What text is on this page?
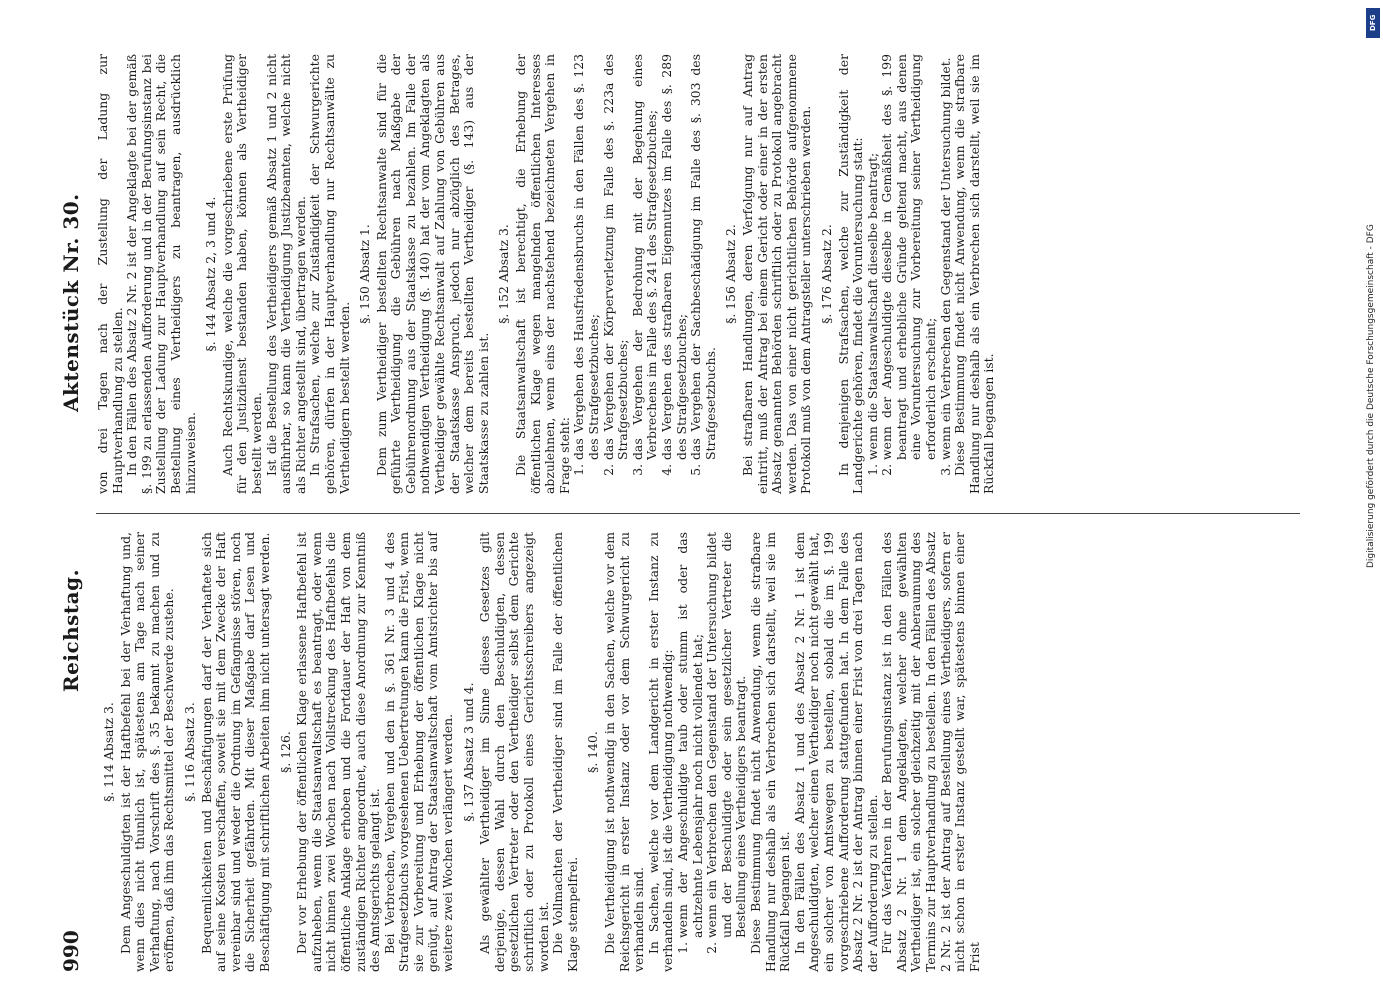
990
Reichstag.
Aktenstück Nr. 30.
§. 114 Absatz 3. Dem Angeschuldigten ist der Haftbefehl bei der Verhaftung und, wenn dies nicht thunlich ist, spätestens am Tage nach seiner Verhaftung, nach Vorschrift des §. 35 bekannt zu machen und zu eröffnen, daß ihm das Rechtsmittel der Beschwerde zustehe. §. 116 Absatz 3. Bequemlichkeiten und Beschäftigungen darf der Verhaftete sich auf seine Kosten verschaffen, soweit sie mit dem Zwecke der Haft vereinbar sind und weder die Ordnung im Gefängnisse stören, noch die Sicherheit gefährden. Mit dieser Maßgabe darf Lesen und Beschäftigung mit schriftlichen Arbeiten ihm nicht untersagt werden. §. 126. Der vor Erhebung der öffentlichen Klage erlassene Haftbefehl ist aufzuheben, wenn die Staatsanwaltschaft es beantragt, oder wenn nicht binnen zwei Wochen nach Vollstreckung des Haftbefehls die öffentliche Anklage erhoben und die Fortdauer der Haft von dem zuständigen Richter angeordnet, auch diese Anordnung zur Kenntniß des Amtsgerichts gelangt ist. Bei Verbrechen, Vergehen und den in §. 361 Nr. 3 und 4 des Strafgesetzbuchs vorgesehenen Uebertretungen kann die Frist, wenn sie zur Vorbereitung und Erhebung der öffentlichen Klage nicht genügt, auf Antrag der Staatsanwaltschaft vom Amtsrichter bis auf weitere zwei Wochen verlängert werden. §. 137 Absatz 3 und 4. Als gewählter Vertheidiger im Sinne dieses Gesetzes gilt derjenige, dessen Wahl durch den Beschuldigten, dessen gesetzlichen Vertreter oder den Vertheidiger selbst dem Gerichte schriftlich oder zu Protokoll eines Gerichtsschreibers angezeigt worden ist. Die Vollmachten der Vertheidiger sind im Falle der öffentlichen Klage stempelfrei.

§. 140. Die Vertheidigung ist nothwendig in den Sachen, welche vor dem Reichsgericht in erster Instanz oder vor dem Schwurgericht zu verhandeln sind. In Sachen, welche vor dem Landgericht in erster Instanz zu verhandeln sind, ist die Vertheidigung nothwendig: 1. wenn der Angeschuldigte taub oder stumm ist oder das achtzehnte Lebensjahr noch nicht vollendet hat; 2. wenn ein Verbrechen den Gegenstand der Untersuchung bildet und der Beschuldigte oder sein gesetzlicher Vertreter die Bestellung eines Vertheidigers beantragt. Diese Bestimmung findet nicht Anwendung, wenn die strafbare Handlung nur deshalb als ein Verbrechen sich darstellt, weil sie im Rückfall begangen ist. In den Fällen des Absatz 1 und des Absatz 2 Nr. 1 ist dem Angeschuldigten, welcher einen Vertheidiger noch nicht gewählt hat, ein solcher von Amtswegen zu bestellen, sobald die im §. 199 vorgeschriebene Aufforderung stattgefunden hat. In dem Falle des Absatz 2 Nr. 2 ist der Antrag binnen einer Frist von drei Tagen nach der Aufforderung zu stellen. Für das Verfahren in der Berufungsinstanz ist in den Fällen des Absatz 2 Nr. 1 dem Angeklagten, welcher ohne gewählten Vertheidiger ist, ein solcher gleichzeitig mit der Anberaumung des Termins zur Hauptverhandlung zu bestellen. In den Fällen des Absatz 2 Nr. 2 ist der Antrag auf Bestellung eines Vertheidigers, sofern er nicht schon in erster Instanz gestellt war, spätestens binnen einer Frist

von drei Tagen nach der Zustellung der Ladung zur Hauptverhandlung zu stellen. In den Fällen des Absatz 2 Nr. 2 ist der Angeklagte bei der gemäß §. 199 zu erlassenden Aufforderung und in der Berufungsinstanz bei Zustellung der Ladung zur Hauptverhandlung auf sein Recht, die Bestellung eines Vertheidigers zu beantragen, ausdrücklich hinzuweisen.

§. 144 Absatz 2, 3 und 4. Auch Rechtskundige, welche die vorgeschriebene erste Prüfung für den Justizdienst bestanden haben, können als Vertheidiger bestellt werden. Ist die Bestellung des Vertheidigers gemäß Absatz 1 und 2 nicht ausführbar, so kann die Vertheidigung Justizbeamten, welche nicht als Richter angestellt sind, übertragen werden. In Strafsachen, welche zur Zuständigkeit der Schwurgerichte gehören, dürfen in der Hauptverhandlung nur Rechtsanwälte zu Vertheidigern bestellt werden.

§. 150 Absatz 1. Dem zum Vertheidiger bestellten Rechtsanwalte sind für die geführte Vertheidigung die Gebühren nach Maßgabe der Gebührenordnung aus der Staatskasse zu bezahlen. Im Falle der nothwendigen Vertheidigung (§. 140) hat der vom Angeklagten als Vertheidiger gewählte Rechtsanwalt auf Zahlung von Gebühren aus der Staatskasse Anspruch, jedoch nur abzüglich des Betrages, welcher dem bereits bestellten Vertheidiger (§. 143) aus der Staatskasse zu zahlen ist.

§. 152 Absatz 3. Die Staatsanwaltschaft ist berechtigt, die Erhebung der öffentlichen Klage wegen mangelnden öffentlichen Interesses abzulehnen, wenn eins der nachstehend bezeichneten Vergehen in Frage steht: 1. das Vergehen des Hausfriedensbruchs in den Fällen des §. 123 des Strafgesetzbuches; 2. das Vergehen der Körperverletzung im Falle des §. 223a des Strafgesetzbuches; 3. das Vergehen der Bedrohung mit der Begehung eines Verbrechens im Falle des §. 241 des Strafgesetzbuches; 4. das Vergehen des strafbaren Eigennutzes im Falle des §. 289 des Strafgesetzbuches; 5. das Vergehen der Sachbeschädigung im Falle des §. 303 des Strafgesetzbuchs.
§. 156 Absatz 2. Bei strafbaren Handlungen, deren Verfolgung nur auf Antrag eintritt, muß der Antrag bei einem Gericht oder einer in der ersten Absatz genannten Behörden schriftlich oder zu Protokoll angebracht werden. Das von einer nicht gerichtlichen Behörde aufgenommene Protokoll muß von dem Antragsteller unterschrieben werden. §. 176 Absatz 2. In denjenigen Strafsachen, welche zur Zuständigkeit der Landgerichte gehören, findet die Voruntersuchung statt: 1. wenn die Staatsanwaltschaft dieselbe beantragt; 2. wenn der Angeschuldigte dieselbe in Gemäßheit des §. 199 beantragt und erhebliche Gründe geltend macht, aus denen eine Voruntersuchung zur Vorbereitung seiner Vertheidigung erforderlich erscheint; 3. wenn ein Verbrechen den Gegenstand der Untersuchung bildet. Diese Bestimmung findet nicht Anwendung, wenn die strafbare Handlung nur deshalb als ein Verbrechen sich darstellt, weil sie im Rückfall begangen ist.

DFG
Digitalisierung gefördert durch die Deutsche Forschungsgemeinschaft - DFG
